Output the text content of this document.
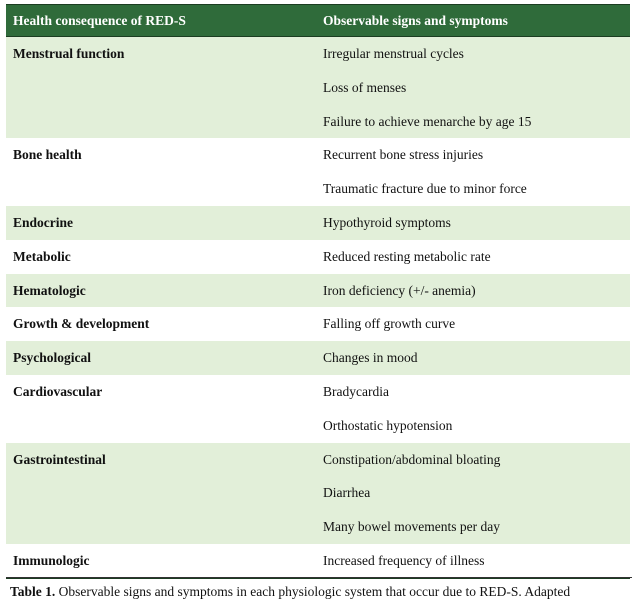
Health consequence of RED-S	Observable signs and symptoms
Menstrual function	Irregular menstrual cycles
Loss of menses
Failure to achieve menarche by age 15
Bone health	Recurrent bone stress injuries
Traumatic fracture due to minor force
Endocrine	Hypothyroid symptoms
Metabolic	Reduced resting metabolic rate
Hematologic	Iron deficiency (+/- anemia)
Growth & development	Falling off growth curve
Psychological	Changes in mood
Cardiovascular	Bradycardia
Orthostatic hypotension
Gastrointestinal	Constipation/abdominal bloating
Diarrhea
Many bowel movements per day
Immunologic	Increased frequency of illness
Table 1. Observable signs and symptoms in each physiologic system that occur due to RED-S. Adapted
